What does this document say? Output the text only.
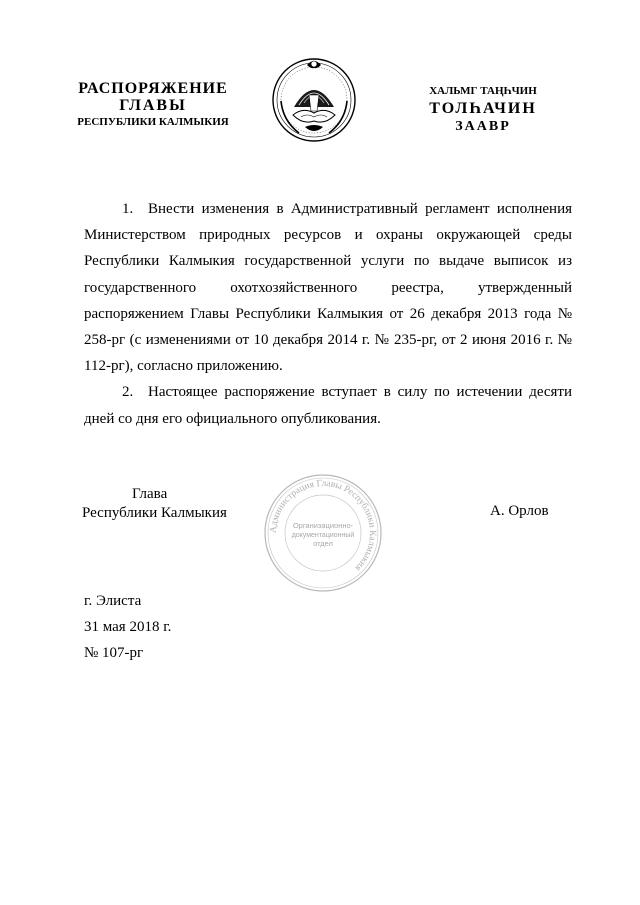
РАСПОРЯЖЕНИЕ
ГЛАВЫ
РЕСПУБЛИКИ КАЛМЫКИЯ
ХАЛЬМГ ТАҢҺЧИН
ТОЛҺАЧИН
ЗААВР

1. Внести изменения в Административный регламент исполнения Министерством природных ресурсов и охраны окружающей среды Республики Калмыкия государственной услуги по выдаче выписок из государственного охотхозяйственного реестра, утвержденный распоряжением Главы Республики Калмыкия от 26 декабря 2013 года № 258-рг (с изменениями от 10 декабря 2014 г. № 235-рг, от 2 июня 2016 г. № 112-рг), согласно приложению.

2. Настоящее распоряжение вступает в силу по истечении десяти дней со дня его официального опубликования.

Глава
Республики Калмыкия
Администрация Главы Республики Калмыкия
Организационно-
документационный
отдел
А. Орлов
г. Элиста
31 мая 2018 г.
№ 107-рг
